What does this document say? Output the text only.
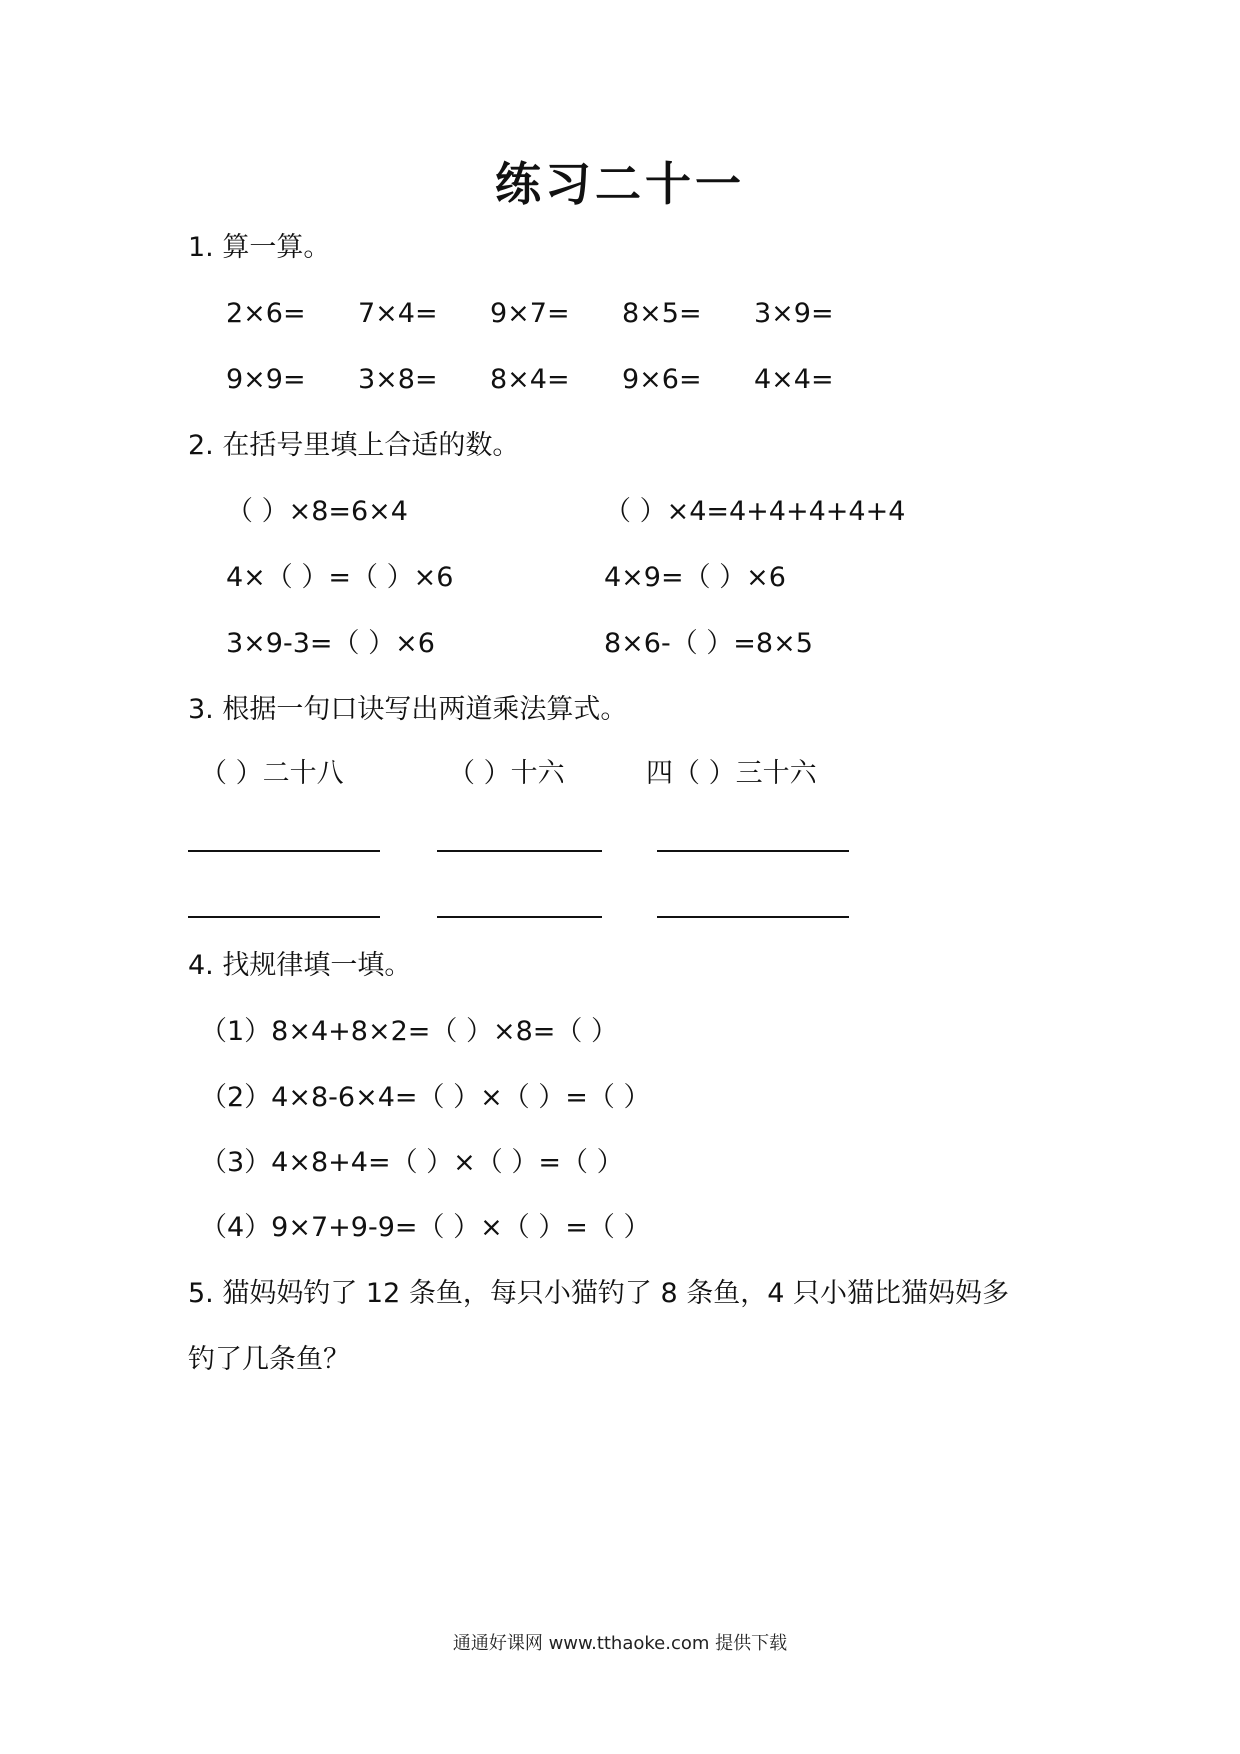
练习二十一
1. 算一算。
2×6= 7×4= 9×7= 8×5= 3×9=
9×9= 3×8= 8×4= 9×6= 4×4=
2. 在括号里填上合适的数。
（ ）×8=6×4	（ ）×4=4+4+4+4+4
4×（ ）=（ ）×6	4×9=（ ）×6
3×9-3=（ ）×6	8×6-（ ）=8×5
3. 根据一句口诀写出两道乘法算式。
（ ）二十八	（ ）十六	四（ ）三十六
4. 找规律填一填。
（1）8×4+8×2=（ ）×8=（ ）
（2）4×8-6×4=（ ）×（ ）=（ ）
（3）4×8+4=（ ）×（ ）=（ ）
（4）9×7+9-9=（ ）×（ ）=（ ）
5. 猫妈妈钓了 12 条鱼，每只小猫钓了 8 条鱼，4 只小猫比猫妈妈多
钓了几条鱼？
通通好课网 www.tthaoke.com 提供下载
